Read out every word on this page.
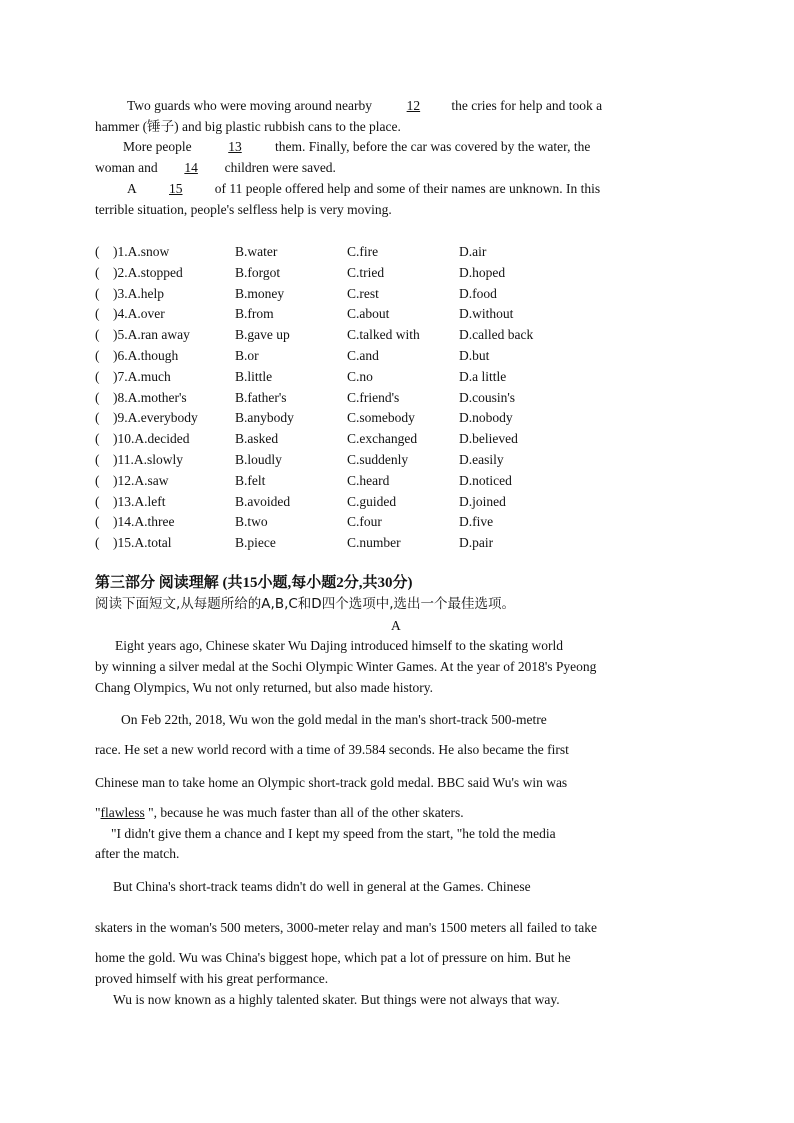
Two guards who were moving around nearby 12 the cries for help and took a
hammer (锤子) and big plastic rubbish cans to the place.
More people 13 them. Finally, before the car was covered by the water, the
woman and 14 children were saved.
A 15 of 11 people offered help and some of their names are unknown. In this
terrible situation, people's selfless help is very moving.
( )1.A.snow	B.water	C.fire	D.air
( )2.A.stopped	B.forgot	C.tried	D.hoped
( )3.A.help	B.money	C.rest	D.food
( )4.A.over	B.from	C.about	D.without
( )5.A.ran away	B.gave up	C.talked with	D.called back
( )6.A.though	B.or	C.and	D.but
( )7.A.much	B.little	C.no	D.a little
( )8.A.mother's	B.father's	C.friend's	D.cousin's
( )9.A.everybody	B.anybody	C.somebody	D.nobody
( )10.A.decided	B.asked	C.exchanged	D.believed
( )11.A.slowly	B.loudly	C.suddenly	D.easily
( )12.A.saw	B.felt	C.heard	D.noticed
( )13.A.left	B.avoided	C.guided	D.joined
( )14.A.three	B.two	C.four	D.five
( )15.A.total	B.piece	C.number	D.pair
第三部分 阅读理解 (共15小题,每小题2分,共30分)
阅读下面短文,从每题所给的A,B,C和D四个选项中,选出一个最佳选项。
A
Eight years ago, Chinese skater Wu Dajing introduced himself to the skating world
by winning a silver medal at the Sochi Olympic Winter Games. At the year of 2018's Pyeong
Chang Olympics, Wu not only returned, but also made history.
On Feb 22th, 2018, Wu won the gold medal in the man's short-track 500-metre
race. He set a new world record with a time of 39.584 seconds. He also became the first
Chinese man to take home an Olympic short-track gold medal. BBC said Wu's win was
"flawless ", because he was much faster than all of the other skaters.
"I didn't give them a chance and I kept my speed from the start, "he told the media
after the match.
But China's short-track teams didn't do well in general at the Games. Chinese
skaters in the woman's 500 meters, 3000-meter relay and man's 1500 meters all failed to take
home the gold. Wu was China's biggest hope, which pat a lot of pressure on him. But he
proved himself with his great performance.
Wu is now known as a highly talented skater. But things were not always that way.
